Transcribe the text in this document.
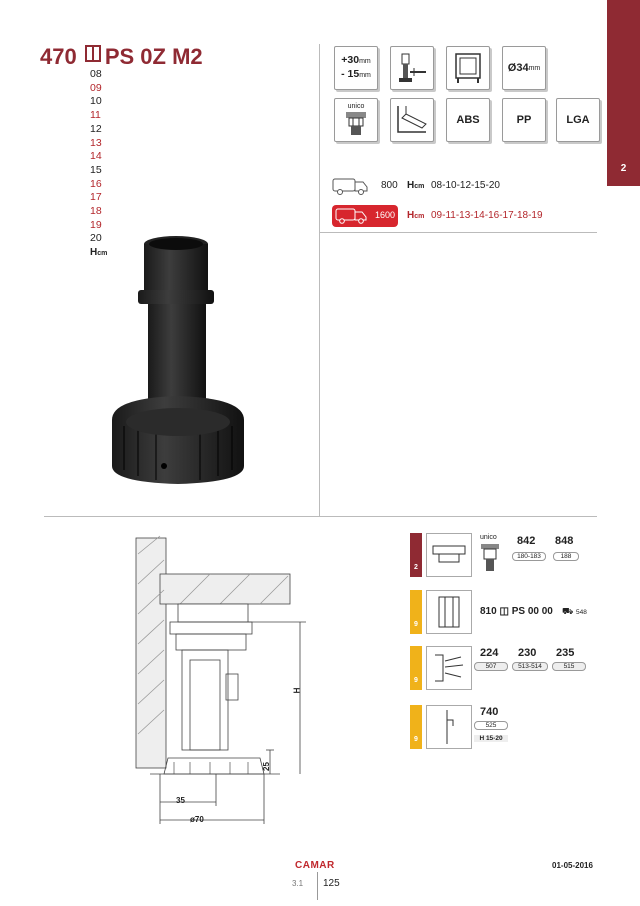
2
470 PS 0Z M2
08
09
10
11
12
13
14
15
16
17
18
19
20
Hcm
+30mm
- 15mm
Ø34 mm
unico
ABS	PP	LGA
800 Hcm 08-10-12-15-20
1600 Hcm 09-11-13-14-16-17-18-19
H
25
35
ø70
2
unico 842
180-183
848
188
9
810 ◫ PS 00 00 ⛟ 548
9
224
507
230
513-514
235
515
9
740
525
H 15-20
CAMAR	01-05-2016
3.1 125
